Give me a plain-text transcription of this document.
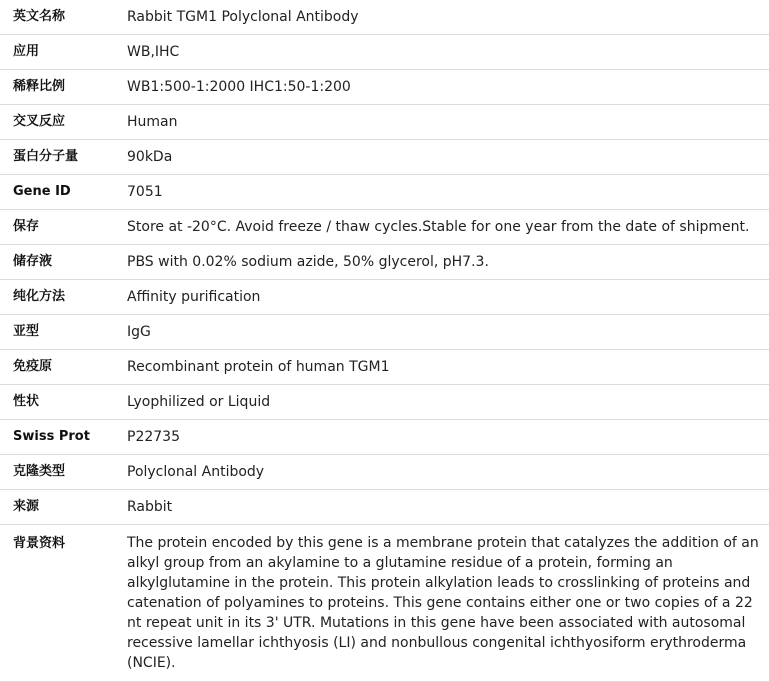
英文名称	Rabbit TGM1 Polyclonal Antibody
应用	WB,IHC
稀释比例	WB1:500-1:2000 IHC1:50-1:200
交叉反应	Human
蛋白分子量	90kDa
Gene ID	7051
保存	Store at -20°C. Avoid freeze / thaw cycles.Stable for one year from the date of shipment.
储存液	PBS with 0.02% sodium azide, 50% glycerol, pH7.3.
纯化方法	Affinity purification
亚型	IgG
免疫原	Recombinant protein of human TGM1
性状	Lyophilized or Liquid
Swiss Prot	P22735
克隆类型	Polyclonal Antibody
来源	Rabbit
背景资料	The protein encoded by this gene is a membrane protein that catalyzes the addition of an alkyl group from an akylamine to a glutamine residue of a protein, forming an alkylglutamine in the protein. This protein alkylation leads to crosslinking of proteins and catenation of polyamines to proteins. This gene contains either one or two copies of a 22 nt repeat unit in its 3' UTR. Mutations in this gene have been associated with autosomal recessive lamellar ichthyosis (LI) and nonbullous congenital ichthyosiform erythroderma (NCIE).
